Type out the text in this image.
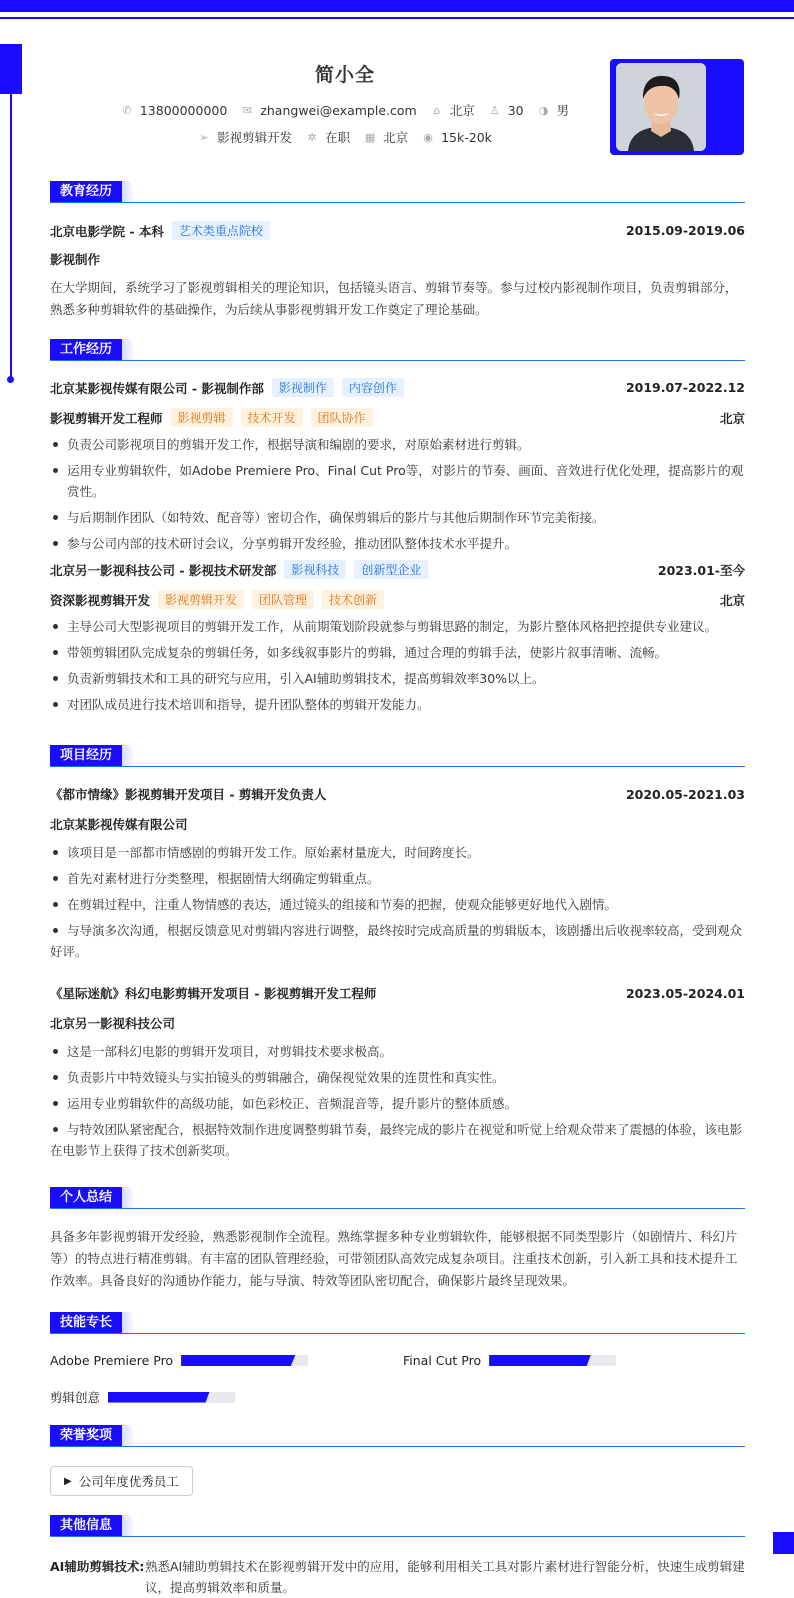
简小全
✆ 13800000000 ✉ zhangwei@example.com ⌂ 北京 ♙ 30 ◑ 男
➢ 影视剪辑开发 ✲ 在职 ▦ 北京 ◉ 15k-20k
教育经历
北京电影学院 - 本科	艺术类重点院校	2015.09-2019.06
影视制作
在大学期间，系统学习了影视剪辑相关的理论知识，包括镜头语言、剪辑节奏等。参与过校内影视制作项目，负责剪辑部分，熟悉多种剪辑软件的基础操作，为后续从事影视剪辑开发工作奠定了理论基础。
工作经历
北京某影视传媒有限公司 - 影视制作部	影视制作	内容创作	2019.07-2022.12
影视剪辑开发工程师	影视剪辑	技术开发	团队协作	北京
负责公司影视项目的剪辑开发工作，根据导演和编剧的要求，对原始素材进行剪辑。
运用专业剪辑软件，如Adobe Premiere Pro、Final Cut Pro等，对影片的节奏、画面、音效进行优化处理，提高影片的观赏性。
与后期制作团队（如特效、配音等）密切合作，确保剪辑后的影片与其他后期制作环节完美衔接。
参与公司内部的技术研讨会议，分享剪辑开发经验，推动团队整体技术水平提升。
北京另一影视科技公司 - 影视技术研发部	影视科技	创新型企业	2023.01-至今
资深影视剪辑开发	影视剪辑开发	团队管理	技术创新	北京
主导公司大型影视项目的剪辑开发工作，从前期策划阶段就参与剪辑思路的制定，为影片整体风格把控提供专业建议。
带领剪辑团队完成复杂的剪辑任务，如多线叙事影片的剪辑，通过合理的剪辑手法，使影片叙事清晰、流畅。
负责新剪辑技术和工具的研究与应用，引入AI辅助剪辑技术，提高剪辑效率30%以上。
对团队成员进行技术培训和指导，提升团队整体的剪辑开发能力。
项目经历
《都市情缘》影视剪辑开发项目 - 剪辑开发负责人	2020.05-2021.03
北京某影视传媒有限公司
该项目是一部都市情感剧的剪辑开发工作。原始素材量庞大，时间跨度长。
首先对素材进行分类整理，根据剧情大纲确定剪辑重点。
在剪辑过程中，注重人物情感的表达，通过镜头的组接和节奏的把握，使观众能够更好地代入剧情。
与导演多次沟通，根据反馈意见对剪辑内容进行调整，最终按时完成高质量的剪辑版本，该剧播出后收视率较高，受到观众好评。
《星际迷航》科幻电影剪辑开发项目 - 影视剪辑开发工程师	2023.05-2024.01
北京另一影视科技公司
这是一部科幻电影的剪辑开发项目，对剪辑技术要求极高。
负责影片中特效镜头与实拍镜头的剪辑融合，确保视觉效果的连贯性和真实性。
运用专业剪辑软件的高级功能，如色彩校正、音频混音等，提升影片的整体质感。
与特效团队紧密配合，根据特效制作进度调整剪辑节奏，最终完成的影片在视觉和听觉上给观众带来了震撼的体验，该电影在电影节上获得了技术创新奖项。
个人总结
具备多年影视剪辑开发经验，熟悉影视制作全流程。熟练掌握多种专业剪辑软件，能够根据不同类型影片（如剧情片、科幻片等）的特点进行精准剪辑。有丰富的团队管理经验，可带领团队高效完成复杂项目。注重技术创新，引入新工具和技术提升工作效率。具备良好的沟通协作能力，能与导演、特效等团队密切配合，确保影片最终呈现效果。
技能专长
Adobe Premiere Pro	Final Cut Pro
剪辑创意
荣誉奖项
▶ 公司年度优秀员工
其他信息
AI辅助剪辑技术: 熟悉AI辅助剪辑技术在影视剪辑开发中的应用，能够利用相关工具对影片素材进行智能分析，快速生成剪辑建议，提高剪辑效率和质量。
